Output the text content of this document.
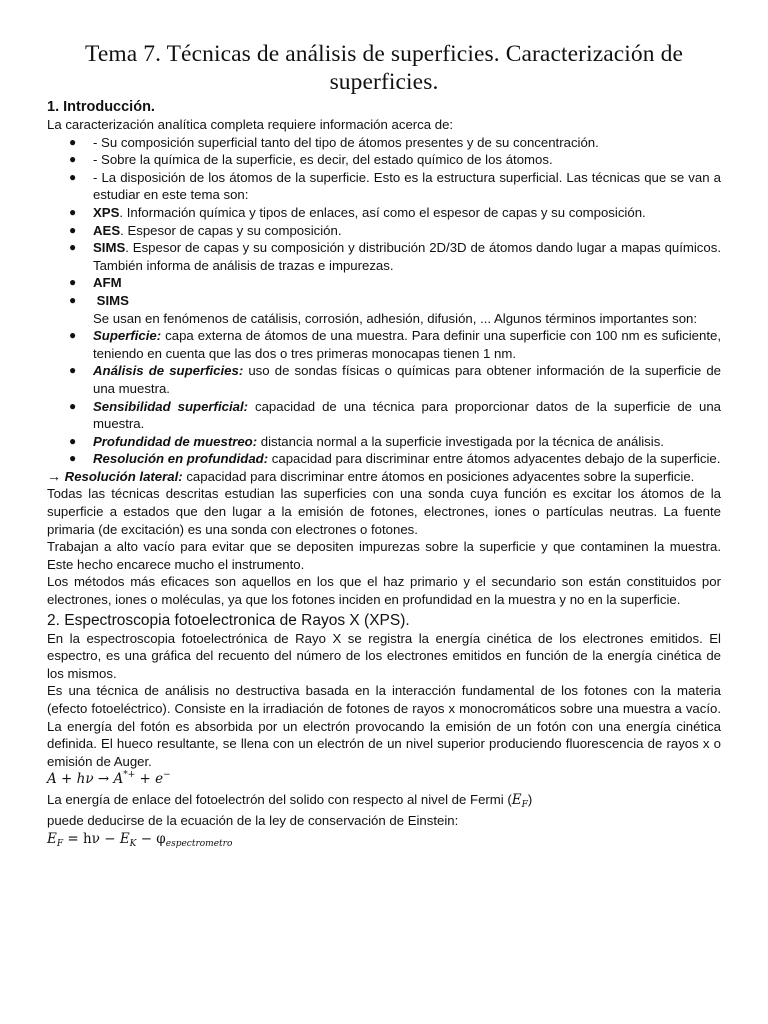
Tema 7. Técnicas de análisis de superficies. Caracterización de superficies.
1. Introducción.

La caracterización analítica completa requiere información acerca de:

● - Su composición superficial tanto del tipo de átomos presentes y de su concentración.
● - Sobre la química de la superficie, es decir, del estado químico de los átomos.
● - La disposición de los átomos de la superficie. Esto es la estructura superficial. Las técnicas que se van a estudiar en este tema son:
● XPS. Información química y tipos de enlaces, así como el espesor de capas y su composición.
● AES. Espesor de capas y su composición.
● SIMS. Espesor de capas y su composición y distribución 2D/3D de átomos dando lugar a mapas químicos. También informa de análisis de trazas e impurezas.
● AFM
● SIMS

Se usan en fenómenos de catálisis, corrosión, adhesión, difusión, ... Algunos términos importantes son:

● Superficie: capa externa de átomos de una muestra. Para definir una superficie con 100 nm es suficiente, teniendo en cuenta que las dos o tres primeras monocapas tienen 1 nm.
● Análisis de superficies: uso de sondas físicas o químicas para obtener información de la superficie de una muestra.
● Sensibilidad superficial: capacidad de una técnica para proporcionar datos de la superficie de una muestra.
● Profundidad de muestreo: distancia normal a la superficie investigada por la técnica de análisis.
● Resolución en profundidad: capacidad para discriminar entre átomos adyacentes debajo de la superficie.

→ Resolución lateral: capacidad para discriminar entre átomos en posiciones adyacentes sobre la superficie.

Todas las técnicas descritas estudian las superficies con una sonda cuya función es excitar los átomos de la superficie a estados que den lugar a la emisión de fotones, electrones, iones o partículas neutras. La fuente primaria (de excitación) es una sonda con electrones o fotones.

Trabajan a alto vacío para evitar que se depositen impurezas sobre la superficie y que contaminen la muestra. Este hecho encarece mucho el instrumento.

Los métodos más eficaces son aquellos en los que el haz primario y el secundario son están constituidos por electrones, iones o moléculas, ya que los fotones inciden en profundidad en la muestra y no en la superficie.

2. Espectroscopia fotoelectronica de Rayos X (XPS).

En la espectroscopia fotoelectrónica de Rayo X se registra la energía cinética de los electrones emitidos. El espectro, es una gráfica del recuento del número de los electrones emitidos en función de la energía cinética de los mismos.

Es una técnica de análisis no destructiva basada en la interacción fundamental de los fotones con la materia (efecto fotoeléctrico). Consiste en la irradiación de fotones de rayos x monocromáticos sobre una muestra a vacío. La energía del fotón es absorbida por un electrón provocando la emisión de un fotón con una energía cinética definida. El hueco resultante, se llena con un electrón de un nivel superior produciendo fluorescencia de rayos x o emisión de Auger.

A + hν → A*+ + e−

La energía de enlace del fotoelectrón del solido con respecto al nivel de Fermi $(E_F)$

puede deducirse de la ecuación de la ley de conservación de Einstein:

$E_F = h\nu - E_K - \varphi_{espectrometro}$
